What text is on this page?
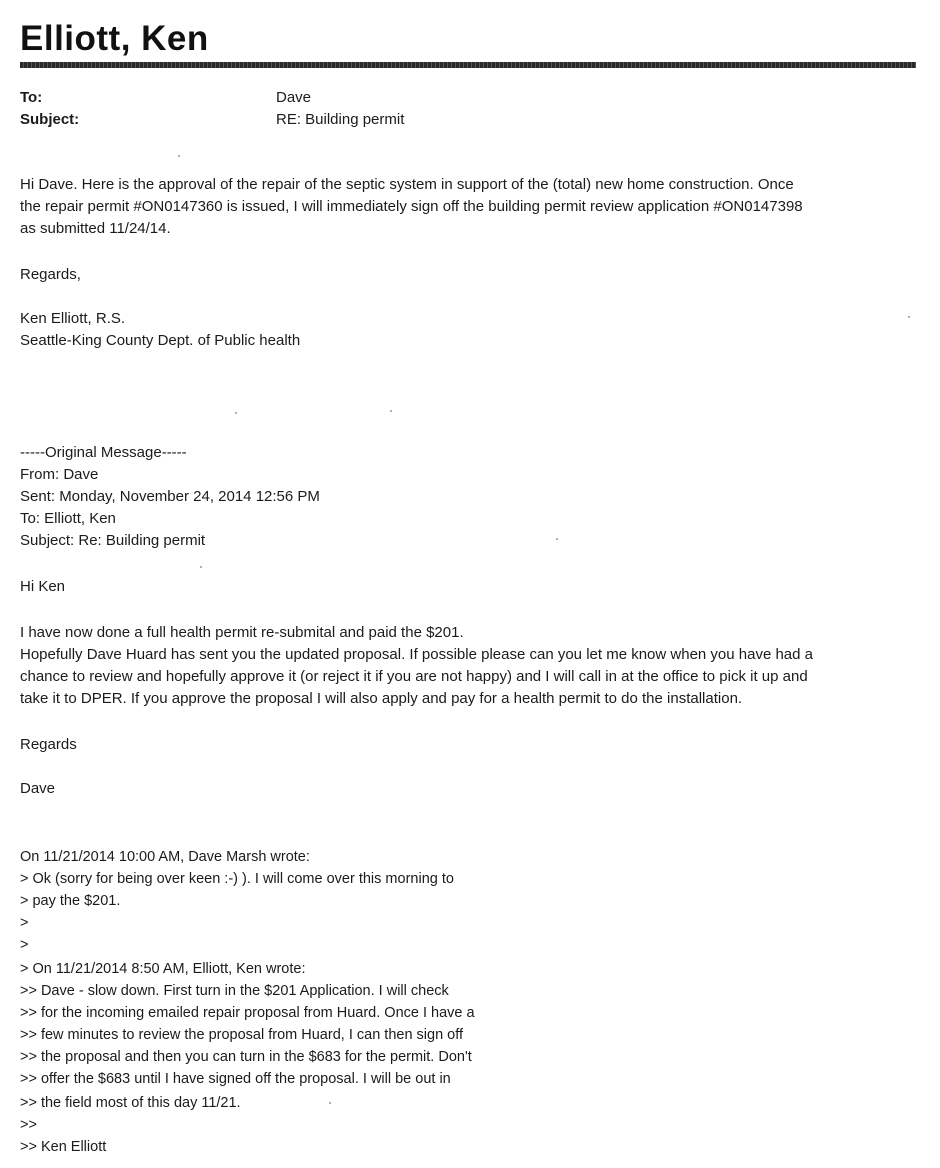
Elliott, Ken
To:	Dave
Subject:	RE: Building permit
Hi Dave. Here is the approval of the repair of the septic system in support of the (total) new home construction. Once
the repair permit #ON0147360 is issued, I will immediately sign off the building permit review application #ON0147398
as submitted 11/24/14.
Regards,
Ken Elliott, R.S.
Seattle-King County Dept. of Public health
-----Original Message-----
From: Dave
Sent: Monday, November 24, 2014 12:56 PM
To: Elliott, Ken
Subject: Re: Building permit
Hi Ken
I have now done a full health permit re-submital and paid the $201.
Hopefully Dave Huard has sent you the updated proposal. If possible please can you let me know when you have had a
chance to review and hopefully approve it (or reject it if you are not happy) and I will call in at the office to pick it up and
take it to DPER. If you approve the proposal I will also apply and pay for a health permit to do the installation.
Regards
Dave
On 11/21/2014 10:00 AM, Dave Marsh wrote:
> Ok (sorry for being over keen :-) ). I will come over this morning to
> pay the $201.
>
>
> On 11/21/2014 8:50 AM, Elliott, Ken wrote:
>> Dave - slow down. First turn in the $201 Application. I will check
>> for the incoming emailed repair proposal from Huard. Once I have a
>> few minutes to review the proposal from Huard, I can then sign off
>> the proposal and then you can turn in the $683 for the permit. Don't
>> offer the $683 until I have signed off the proposal. I will be out in
>> the field most of this day 11/21.
>>
>> Ken Elliott
